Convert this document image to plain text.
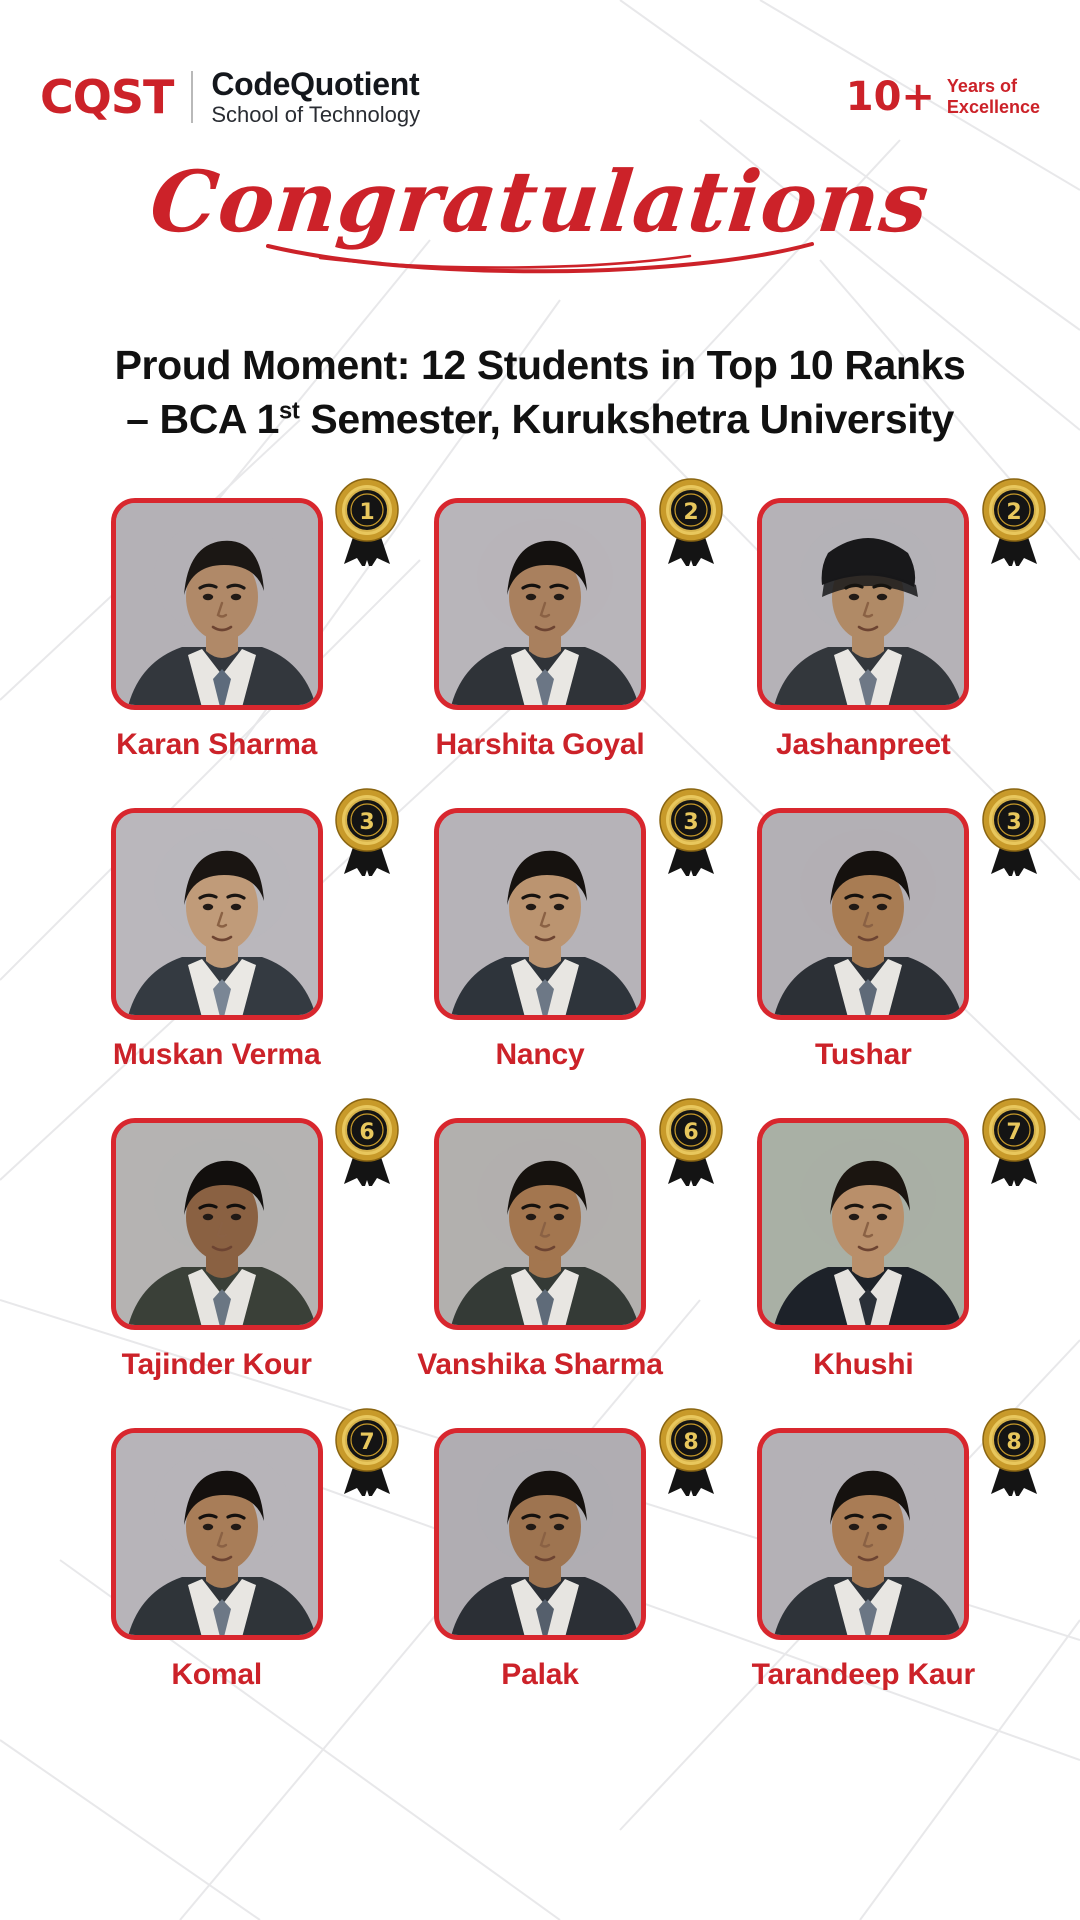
CQST CodeQuotient
School of Technology	10+ Years of
Excellence
Congratulations
Proud Moment: 12 Students in Top 10 Ranks
– BCA 1st Semester, Kurukshetra University
1
Karan Sharma
2
Harshita Goyal
2
Jashanpreet
3
Muskan Verma
3
Nancy
3
Tushar
6
Tajinder Kour
6
Vanshika Sharma
7
Khushi
7
Komal
8
Palak
8
Tarandeep Kaur
